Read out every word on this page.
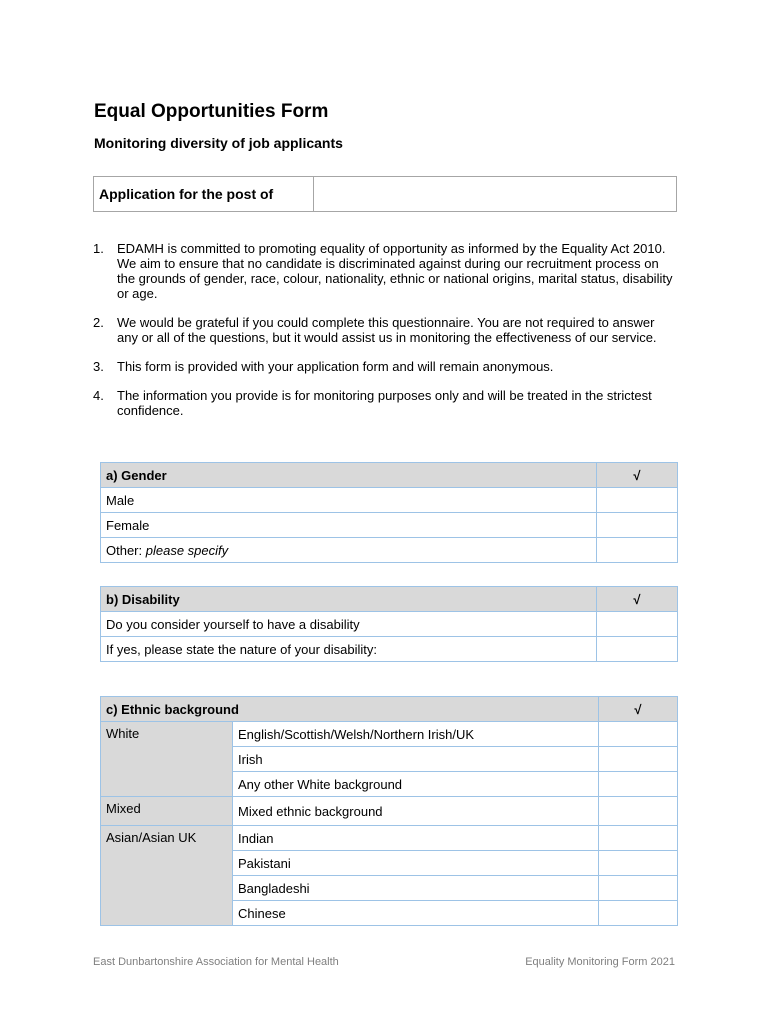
Equal Opportunities Form
Monitoring diversity of job applicants
Application for the post of
1.	EDAMH is committed to promoting equality of opportunity as informed by the Equality Act 2010. We aim to ensure that no candidate is discriminated against during our recruitment process on the grounds of gender, race, colour, nationality, ethnic or national origins, marital status, disability or age.
2.	We would be grateful if you could complete this questionnaire. You are not required to answer any or all of the questions, but it would assist us in monitoring the effectiveness of our service.
3.	This form is provided with your application form and will remain anonymous.
4.	The information you provide is for monitoring purposes only and will be treated in the strictest confidence.
a) Gender	√
Male	
Female	
Other: please specify	
b) Disability	√
Do you consider yourself to have a disability	
If yes, please state the nature of your disability:	
c) Ethnic background		√
White	English/Scottish/Welsh/Northern Irish/UK	
	Irish	
	Any other White background	
Mixed	Mixed ethnic background	
Asian/Asian UK	Indian	
	Pakistani	
	Bangladeshi	
	Chinese	

East Dunbartonshire Association for Mental Health	Equality Monitoring Form 2021
